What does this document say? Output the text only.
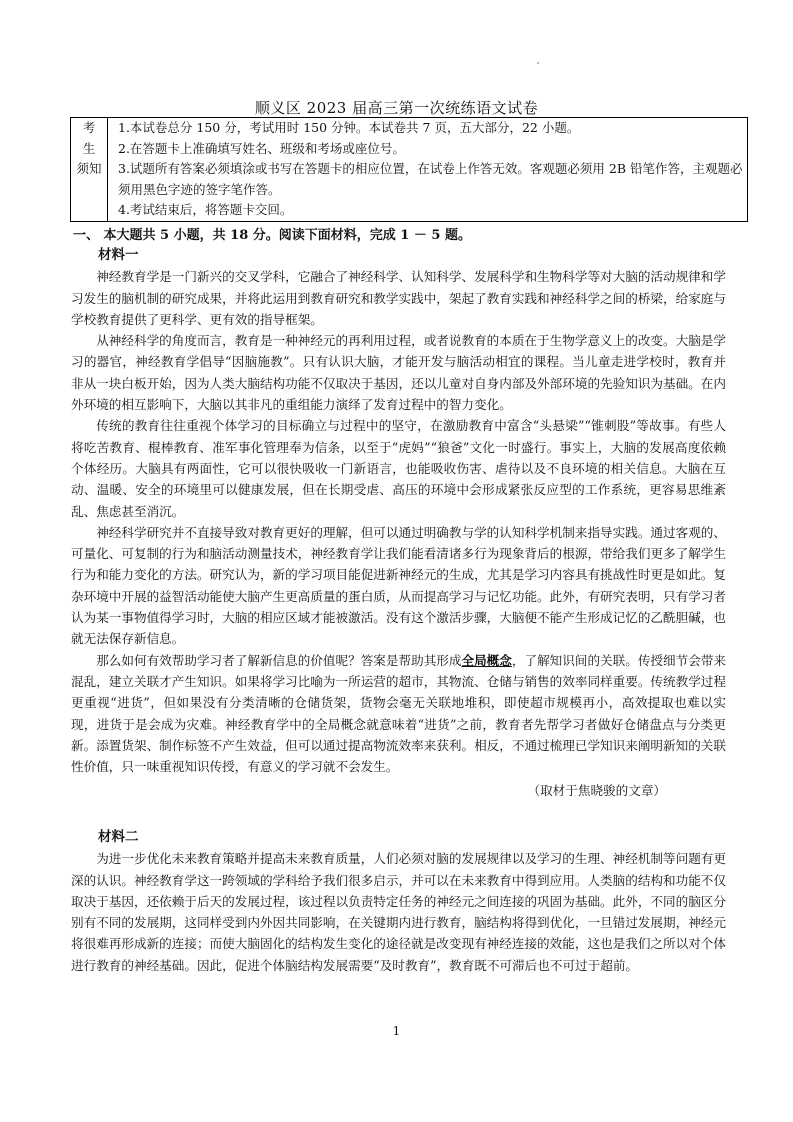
顺义区 2023 届高三第一次统练语文试卷
考
生
须知

1.本试卷总分 150 分，考试用时 150 分钟。本试卷共 7 页，五大部分，22 小题。

2.在答题卡上准确填写姓名、班级和考场或座位号。

3.试题所有答案必须填涂或书写在答题卡的相应位置，在试卷上作答无效。客观题必须用 2B 铅笔作答，主观题必须用黑色字迹的签字笔作答。

4.考试结束后，将答题卡交回。

一、 本大题共 5 小题，共 18 分。阅读下面材料，完成 1 － 5 题。

材料一

神经教育学是一门新兴的交叉学科，它融合了神经科学、认知科学、发展科学和生物科学等对大脑的活动规律和学习发生的脑机制的研究成果，并将此运用到教育研究和教学实践中，架起了教育实践和神经科学之间的桥梁，给家庭与学校教育提供了更科学、更有效的指导框架。

从神经科学的角度而言，教育是一种神经元的再利用过程，或者说教育的本质在于生物学意义上的改变。大脑是学习的器官，神经教育学倡导“因脑施教”。只有认识大脑，才能开发与脑活动相宜的课程。当儿童走进学校时，教育并非从一块白板开始，因为人类大脑结构功能不仅取决于基因，还以儿童对自身内部及外部环境的先验知识为基础。在内外环境的相互影响下，大脑以其非凡的重组能力演绎了发育过程中的智力变化。

传统的教育往往重视个体学习的目标确立与过程中的坚守，在激励教育中富含“头悬梁”“锥刺股”等故事。有些人将吃苦教育、棍棒教育、准军事化管理奉为信条，以至于“虎妈”“狼爸”文化一时盛行。事实上，大脑的发展高度依赖个体经历。大脑具有两面性，它可以很快吸收一门新语言，也能吸收伤害、虐待以及不良环境的相关信息。大脑在互动、温暖、安全的环境里可以健康发展，但在长期受虐、高压的环境中会形成紧张反应型的工作系统，更容易思维紊乱、焦虑甚至消沉。

神经科学研究并不直接导致对教育更好的理解，但可以通过明确教与学的认知科学机制来指导实践。通过客观的、可量化、可复制的行为和脑活动测量技术，神经教育学让我们能看清诸多行为现象背后的根源，带给我们更多了解学生行为和能力变化的方法。研究认为，新的学习项目能促进新神经元的生成，尤其是学习内容具有挑战性时更是如此。复杂环境中开展的益智活动能使大脑产生更高质量的蛋白质，从而提高学习与记忆功能。此外，有研究表明，只有学习者认为某一事物值得学习时，大脑的相应区域才能被激活。没有这个激活步骤，大脑便不能产生形成记忆的乙酰胆碱，也就无法保存新信息。

那么如何有效帮助学习者了解新信息的价值呢？答案是帮助其形成全局概念，了解知识间的关联。传授细节会带来混乱，建立关联才产生知识。如果将学习比喻为一所运营的超市，其物流、仓储与销售的效率同样重要。传统教学过程更重视“进货”，但如果没有分类清晰的仓储货架，货物会毫无关联地堆积，即使超市规模再小，高效提取也难以实现，进货于是会成为灾难。神经教育学中的全局概念就意味着“进货”之前，教育者先帮学习者做好仓储盘点与分类更新。添置货架、制作标签不产生效益，但可以通过提高物流效率来获利。相反，不通过梳理已学知识来阐明新知的关联性价值，只一味重视知识传授，有意义的学习就不会发生。

（取材于焦晓骏的文章）

材料二

为进一步优化未来教育策略并提高未来教育质量，人们必须对脑的发展规律以及学习的生理、神经机制等问题有更深的认识。神经教育学这一跨领域的学科给予我们很多启示，并可以在未来教育中得到应用。人类脑的结构和功能不仅取决于基因，还依赖于后天的发展过程，该过程以负责特定任务的神经元之间连接的巩固为基础。此外，不同的脑区分别有不同的发展期，这同样受到内外因共同影响，在关键期内进行教育，脑结构将得到优化，一旦错过发展期，神经元将很难再形成新的连接；而使大脑固化的结构发生变化的途径就是改变现有神经连接的效能，这也是我们之所以对个体进行教育的神经基础。因此，促进个体脑结构发展需要“及时教育”，教育既不可滞后也不可过于超前。

1
